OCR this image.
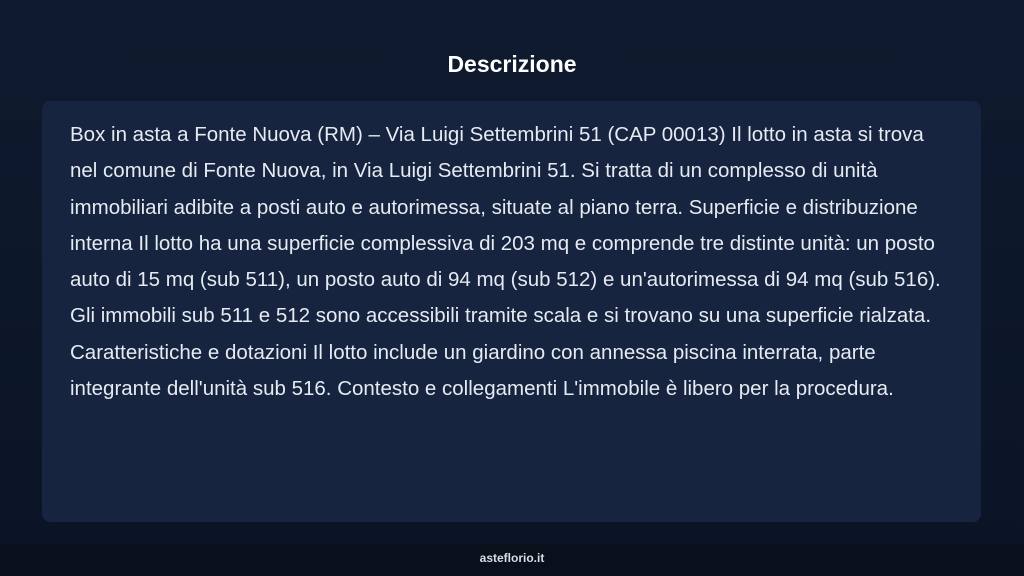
Descrizione

Box in asta a Fonte Nuova (RM) – Via Luigi Settembrini 51 (CAP 00013) Il lotto in asta si trova nel comune di Fonte Nuova, in Via Luigi Settembrini 51. Si tratta di un complesso di unità immobiliari adibite a posti auto e autorimessa, situate al piano terra. Superficie e distribuzione interna Il lotto ha una superficie complessiva di 203 mq e comprende tre distinte unità: un posto auto di 15 mq (sub 511), un posto auto di 94 mq (sub 512) e un'autorimessa di 94 mq (sub 516). Gli immobili sub 511 e 512 sono accessibili tramite scala e si trovano su una superficie rialzata. Caratteristiche e dotazioni Il lotto include un giardino con annessa piscina interrata, parte integrante dell'unità sub 516. Contesto e collegamenti L'immobile è libero per la procedura.

asteflorio.it
